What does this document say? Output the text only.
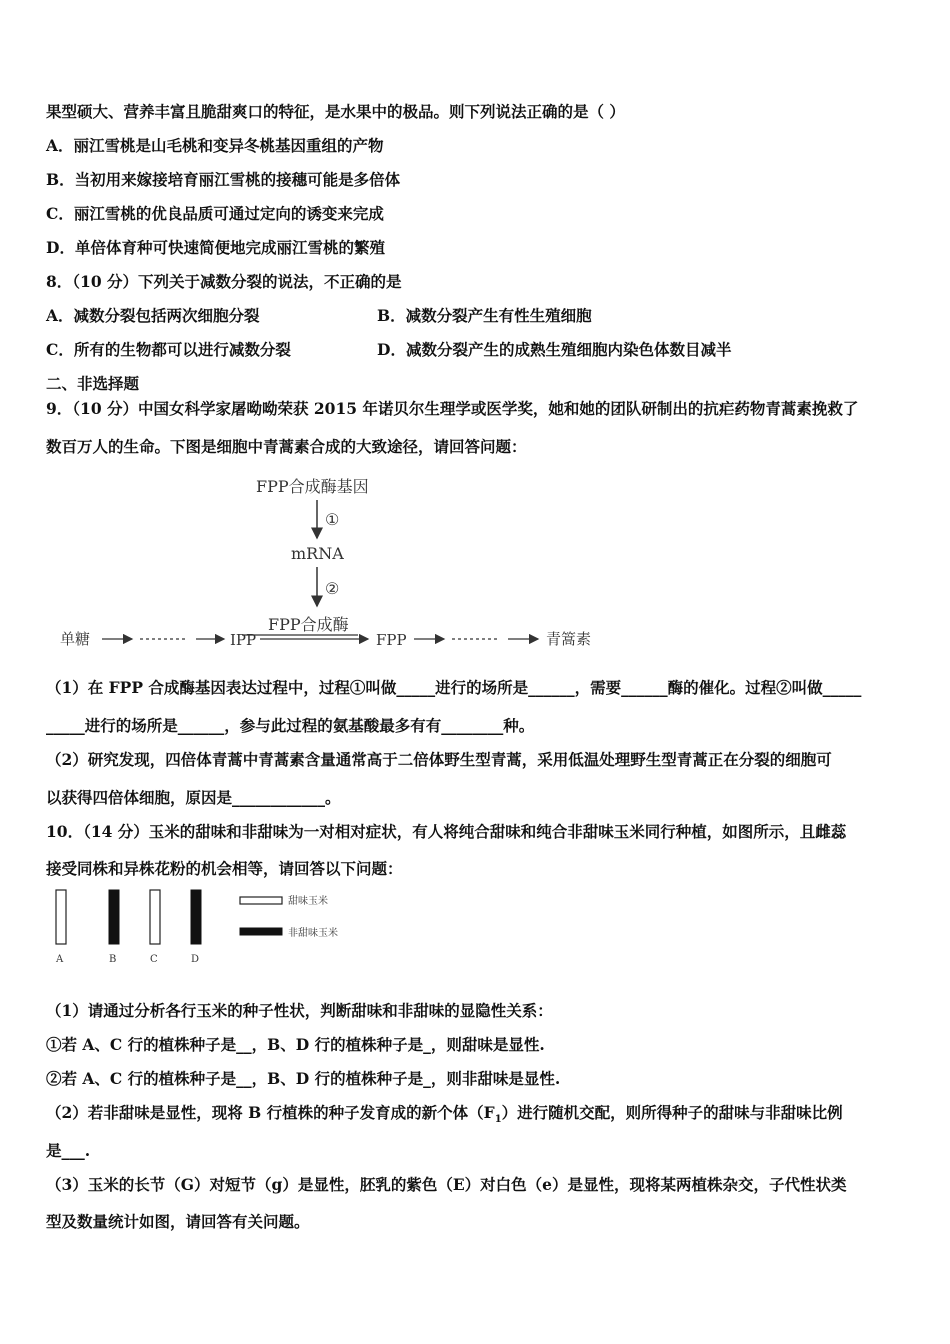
果型硕大、营养丰富且脆甜爽口的特征，是水果中的极品。则下列说法正确的是（ ）
A．丽江雪桃是山毛桃和变异冬桃基因重组的产物
B．当初用来嫁接培育丽江雪桃的接穗可能是多倍体
C．丽江雪桃的优良品质可通过定向的诱变来完成
D．单倍体育种可快速简便地完成丽江雪桃的繁殖
8．（10 分）下列关于减数分裂的说法，不正确的是
A．减数分裂包括两次细胞分裂	B．减数分裂产生有性生殖细胞
C．所有的生物都可以进行减数分裂	D．减数分裂产生的成熟生殖细胞内染色体数目减半
二、非选择题
9．（10 分）中国女科学家屠呦呦荣获 2015 年诺贝尔生理学或医学奖，她和她的团队研制出的抗疟药物青蒿素挽救了
数百万人的生命。下图是细胞中青蒿素合成的大致途径，请回答问题：
FPP合成酶基因
①
mRNA
②
FPP合成酶
单糖	IPP	FPP	青篙素
（1）在 FPP 合成酶基因表达过程中，过程①叫做_____进行的场所是______，需要______酶的催化。过程②叫做_____
_____进行的场所是______，参与此过程的氨基酸最多有有________种。
（2）研究发现，四倍体青蒿中青蒿素含量通常高于二倍体野生型青蒿，采用低温处理野生型青蒿正在分裂的细胞可
以获得四倍体细胞，原因是____________。
10．（14 分）玉米的甜味和非甜味为一对相对症状，有人将纯合甜味和纯合非甜味玉米同行种植，如图所示，且雌蕊
接受同株和异株花粉的机会相等，请回答以下问题：
A	B	C	D
甜味玉米
非甜味玉米
（1）请通过分析各行玉米的种子性状，判断甜味和非甜味的显隐性关系：
①若 A、C 行的植株种子是__，B、D 行的植株种子是_，则甜味是显性.
②若 A、C 行的植株种子是__，B、D 行的植株种子是_，则非甜味是显性.
（2）若非甜味是显性，现将 B 行植株的种子发育成的新个体$(F_1)$进行随机交配，则所得种子的甜味与非甜味比例
是___.
（3）玉米的长节（G）对短节（g）是显性，胚乳的紫色（E）对白色（e）是显性，现将某两植株杂交，子代性状类
型及数量统计如图，请回答有关问题。
